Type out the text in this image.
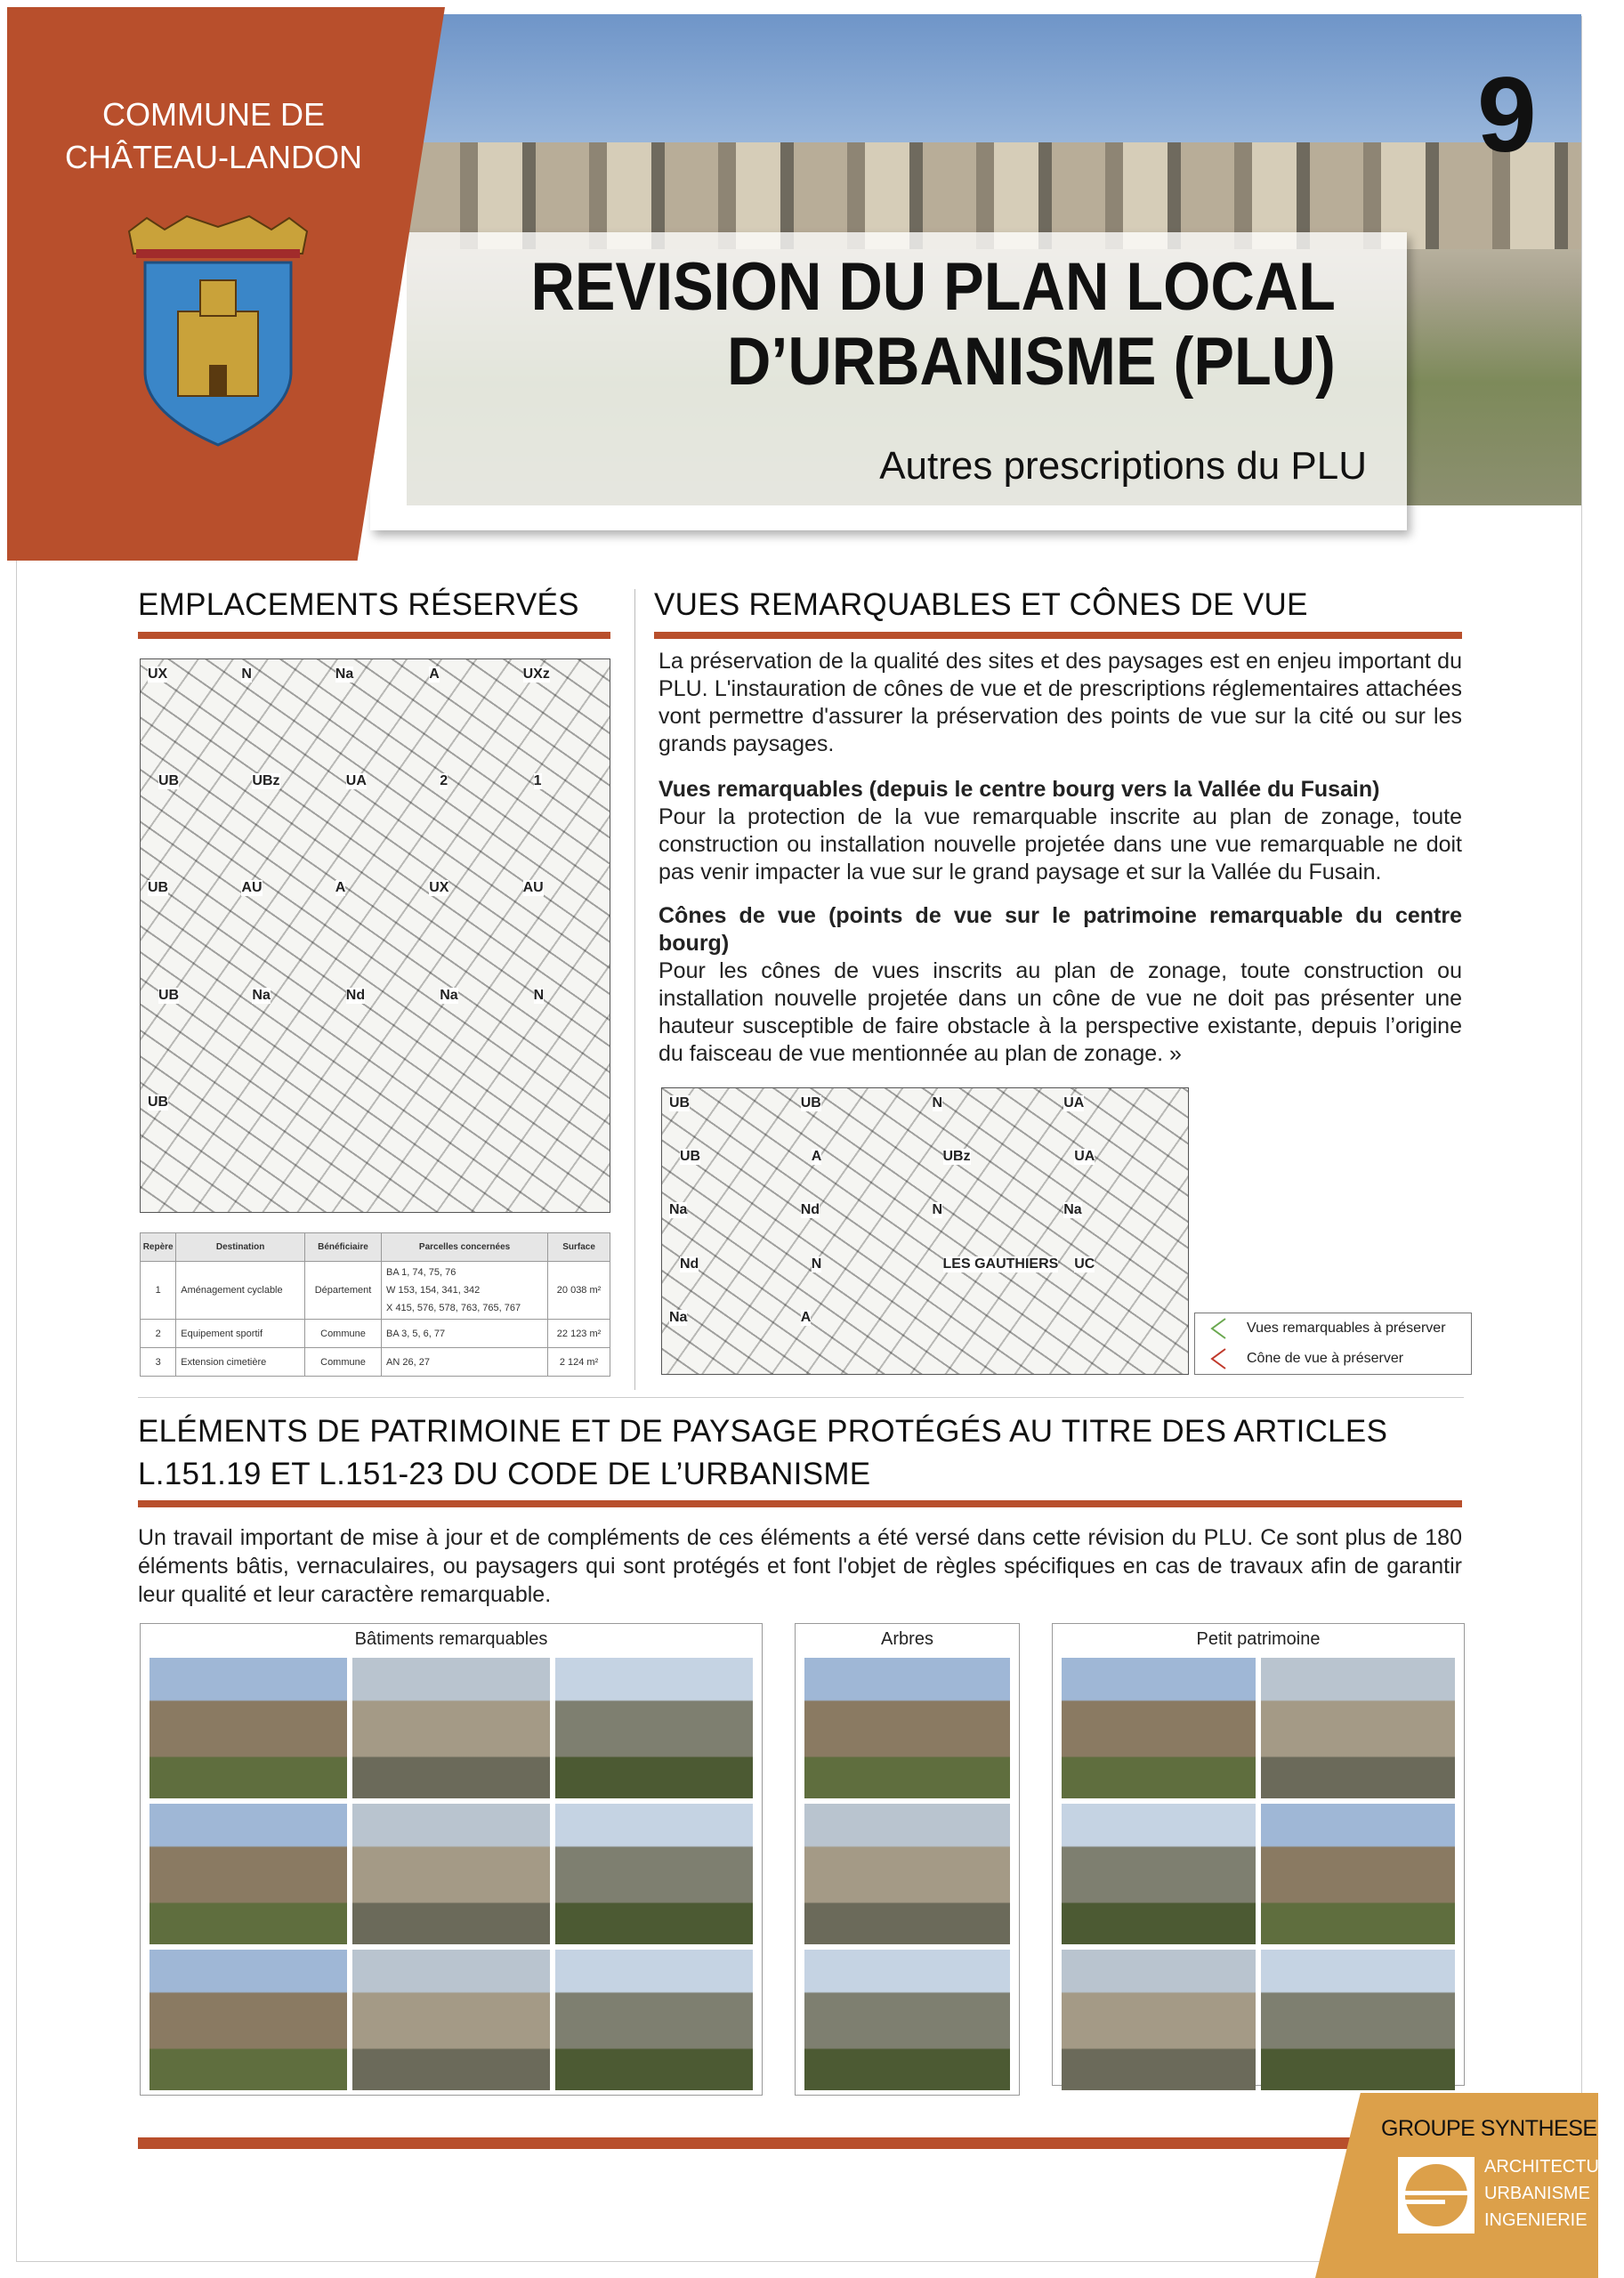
9
REVISION DU PLAN LOCAL
D’URBANISME (PLU)
Autres prescriptions du PLU
COMMUNE DE CHÂTEAU-LANDON
EMPLACEMENTS RÉSERVÉS
UX	N	Na	A	UXz
UB	UBz	UA	2	1
UB	AU	A	UX	AU
UB	Na	Nd	Na	N
UB
Repère	Destination	Bénéficiaire	Parcelles concernées	Surface
1	Aménagement cyclable	Département	BA 1, 74, 75, 76
W 153, 154, 341, 342
X 415, 576, 578, 763, 765, 767	20 038 m²
2	Equipement sportif	Commune	BA 3, 5, 6, 77	22 123 m²
3	Extension cimetière	Commune	AN 26, 27	2 124 m²
VUES REMARQUABLES ET CÔNES DE VUE
La préservation de la qualité des sites et des paysages est en enjeu important du PLU. L'instauration de cônes de vue et de prescriptions réglementaires attachées vont permettre d'assurer la préservation des points de vue sur la cité ou sur les grands paysages.
Vues remarquables (depuis le centre bourg vers la Vallée du Fusain)
Pour la protection de la vue remarquable inscrite au plan de zonage, toute construction ou installation nouvelle projetée dans une vue remarquable ne doit pas venir impacter la vue sur le grand paysage et sur la Vallée du Fusain.
Cônes de vue (points de vue sur le patrimoine remarquable du centre bourg)
Pour les cônes de vues inscrits au plan de zonage, toute construction ou installation nouvelle projetée dans un cône de vue ne doit pas présenter une hauteur susceptible de faire obstacle à la perspective existante, depuis l’origine du faisceau de vue mentionnée au plan de zonage. »
UB	UB	N	UA
UB	A	UBz	UA
Na	Nd	N	Na
Nd	N	LES GAUTHIERS UC
Na	A
Vues remarquables à préserver
Cône de vue à préserver
ELÉMENTS DE PATRIMOINE ET DE PAYSAGE PROTÉGÉS AU TITRE DES ARTICLES L.151.19 ET L.151-23 DU CODE DE L’URBANISME
Un travail important de mise à jour et de compléments de ces éléments a été versé dans cette révision du PLU. Ce sont plus de 180 éléments bâtis, vernaculaires, ou paysagers qui sont protégés et font l'objet de règles spécifiques en cas de travaux afin de garantir leur qualité et leur caractère remarquable.
Bâtiments remarquables	Arbres	Petit patrimoine
GROUPE SYNTHESE
ARCHITECTURE
URBANISME
INGENIERIE
